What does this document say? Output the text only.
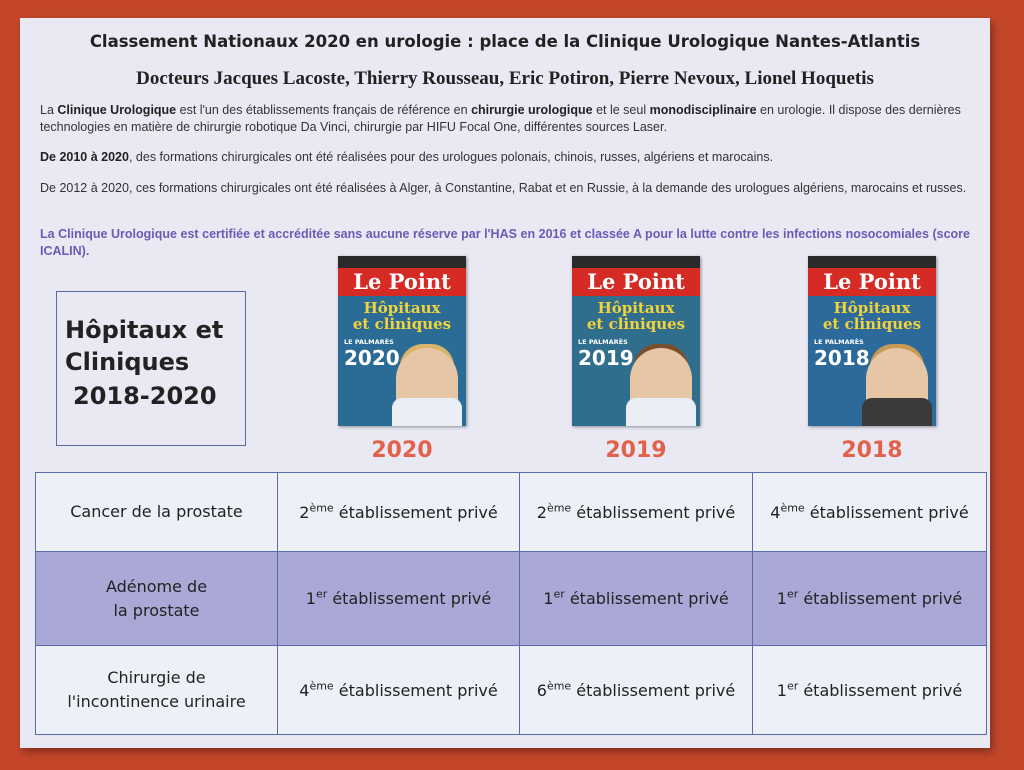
Classement Nationaux 2020 en urologie : place de la Clinique Urologique Nantes-Atlantis
Docteurs Jacques Lacoste, Thierry Rousseau, Eric Potiron, Pierre Nevoux, Lionel Hoquetis
La Clinique Urologique est l'un des établissements français de référence en chirurgie urologique et le seul monodisciplinaire en urologie. Il dispose des dernières technologies en matière de chirurgie robotique Da Vinci, chirurgie par HIFU Focal One, différentes sources Laser.
De 2010 à 2020, des formations chirurgicales ont été réalisées pour des urologues polonais, chinois, russes, algériens et marocains.
De 2012 à 2020, ces formations chirurgicales ont été réalisées à Alger, à Constantine, Rabat et en Russie, à la demande des urologues algériens, marocains et russes.
La Clinique Urologique est certifiée et accréditée sans aucune réserve par l'HAS en 2016 et classée A pour la lutte contre les infections nosocomiales (score ICALIN).
Hôpitaux et
Cliniques
2018-2020
Le Point
Hôpitaux
et cliniques
LE PALMARÈS
2020
2020
Le Point
Hôpitaux
et cliniques
LE PALMARÈS
2019
2019
Le Point
Hôpitaux
et cliniques
LE PALMARÈS
2018
2018
Cancer de la prostate	2ème établissement privé	2ème établissement privé	4ème établissement privé
Adénome de
la prostate	1er établissement privé	1er établissement privé	1er établissement privé
Chirurgie de
l'incontinence urinaire	4ème établissement privé	6ème établissement privé	1er établissement privé
